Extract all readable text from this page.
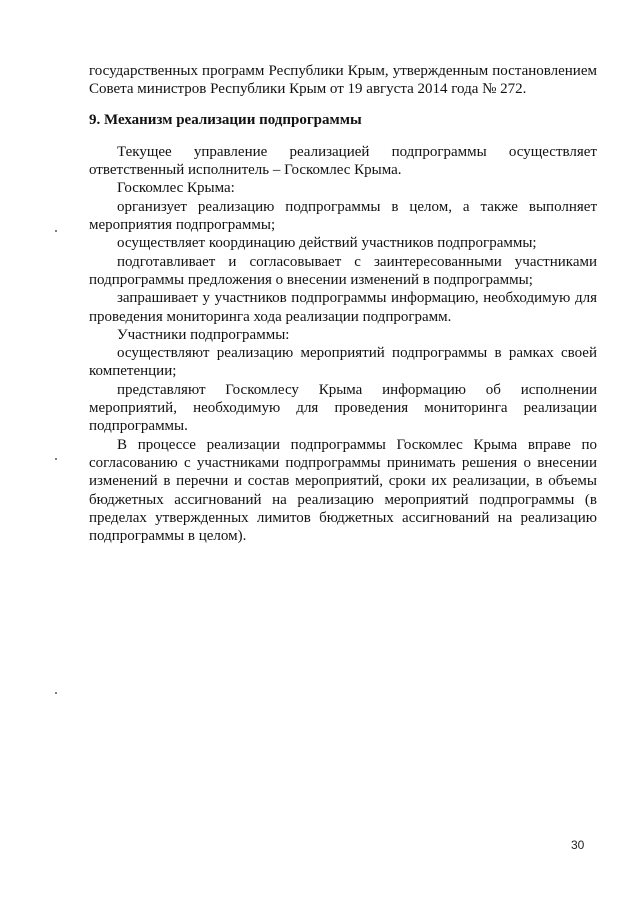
государственных программ Республики Крым, утвержденным постановлением Совета министров Республики Крым от 19 августа 2014 года № 272.

9. Механизм реализации подпрограммы

Текущее управление реализацией подпрограммы осуществляет ответственный исполнитель – Госкомлес Крыма.

Госкомлес Крыма:

организует реализацию подпрограммы в целом, а также выполняет мероприятия подпрограммы;

осуществляет координацию действий участников подпрограммы;

подготавливает и согласовывает с заинтересованными участниками подпрограммы предложения о внесении изменений в подпрограммы;

запрашивает у участников подпрограммы информацию, необходимую для проведения мониторинга хода реализации подпрограмм.

Участники подпрограммы:

осуществляют реализацию мероприятий подпрограммы в рамках своей компетенции;

представляют Госкомлесу Крыма информацию об исполнении мероприятий, необходимую для проведения мониторинга реализации подпрограммы.

В процессе реализации подпрограммы Госкомлес Крыма вправе по согласованию с участниками подпрограммы принимать решения о внесении изменений в перечни и состав мероприятий, сроки их реализации, в объемы бюджетных ассигнований на реализацию мероприятий подпрограммы (в пределах утвержденных лимитов бюджетных ассигнований на реализацию подпрограммы в целом).

30
